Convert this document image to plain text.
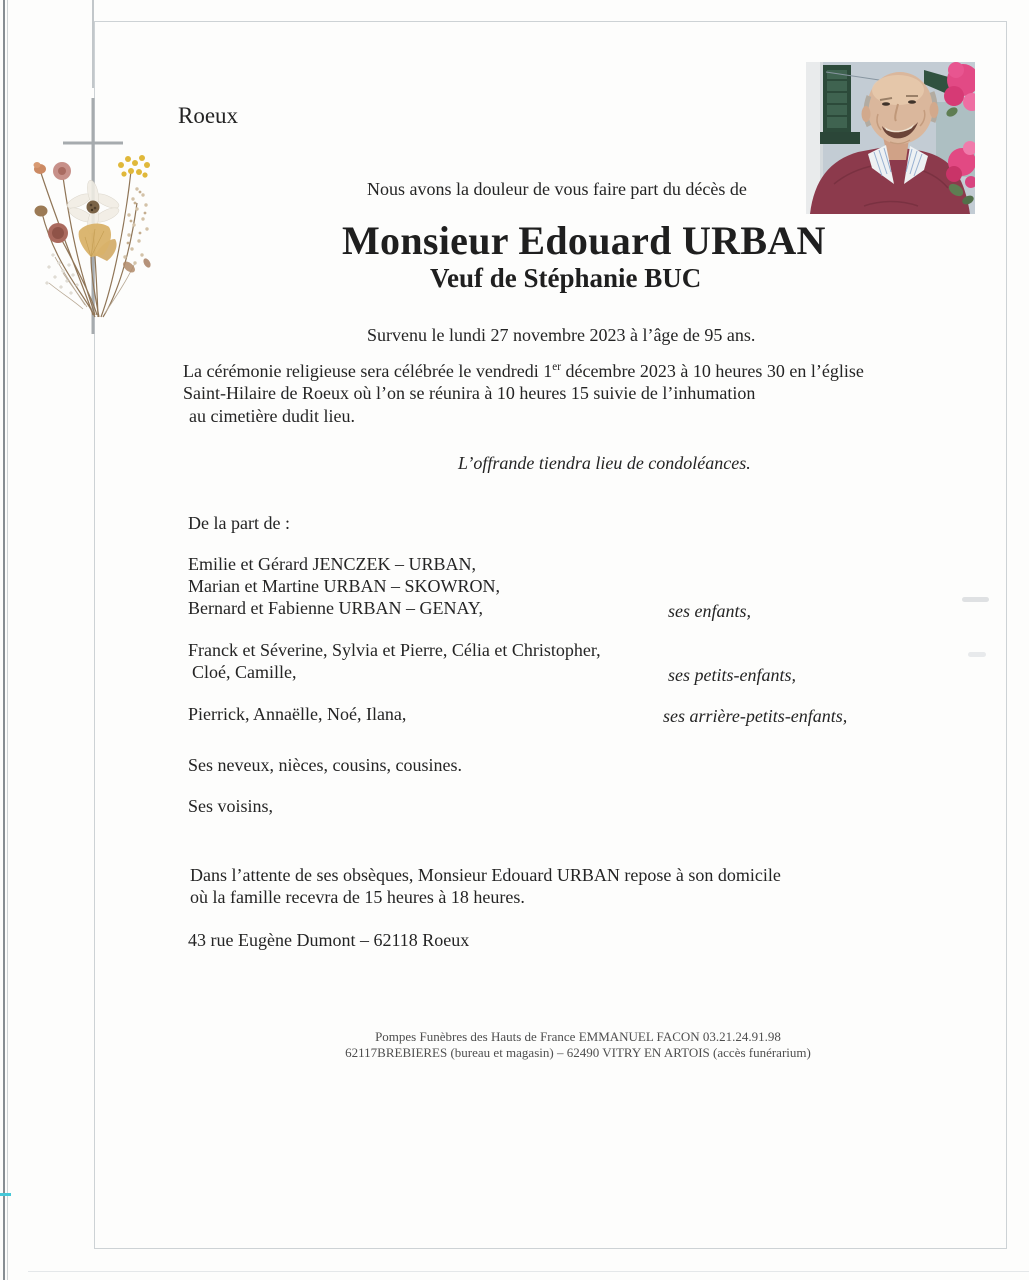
Roeux
Nous avons la douleur de vous faire part du décès de
Monsieur Edouard URBAN
Veuf de Stéphanie BUC
Survenu le lundi 27 novembre 2023 à l’âge de 95 ans.
La cérémonie religieuse sera célébrée le vendredi 1er décembre 2023 à 10 heures 30 en l’église
Saint-Hilaire de Roeux où l’on se réunira à 10 heures 15 suivie de l’inhumation
au cimetière dudit lieu.
L’offrande tiendra lieu de condoléances.
De la part de :
Emilie et Gérard JENCZEK – URBAN,
Marian et Martine URBAN – SKOWRON,
Bernard et Fabienne URBAN – GENAY,	ses enfants,
Franck et Séverine, Sylvia et Pierre, Célia et Christopher,
Cloé, Camille,	ses petits-enfants,
Pierrick, Annaëlle, Noé, Ilana,	ses arrière-petits-enfants,
Ses neveux, nièces, cousins, cousines.
Ses voisins,
Dans l’attente de ses obsèques, Monsieur Edouard URBAN repose à son domicile
où la famille recevra de 15 heures à 18 heures.
43 rue Eugène Dumont – 62118 Roeux
Pompes Funèbres des Hauts de France EMMANUEL FACON 03.21.24.91.98
62117BREBIERES (bureau et magasin) – 62490 VITRY EN ARTOIS (accès funérarium)
